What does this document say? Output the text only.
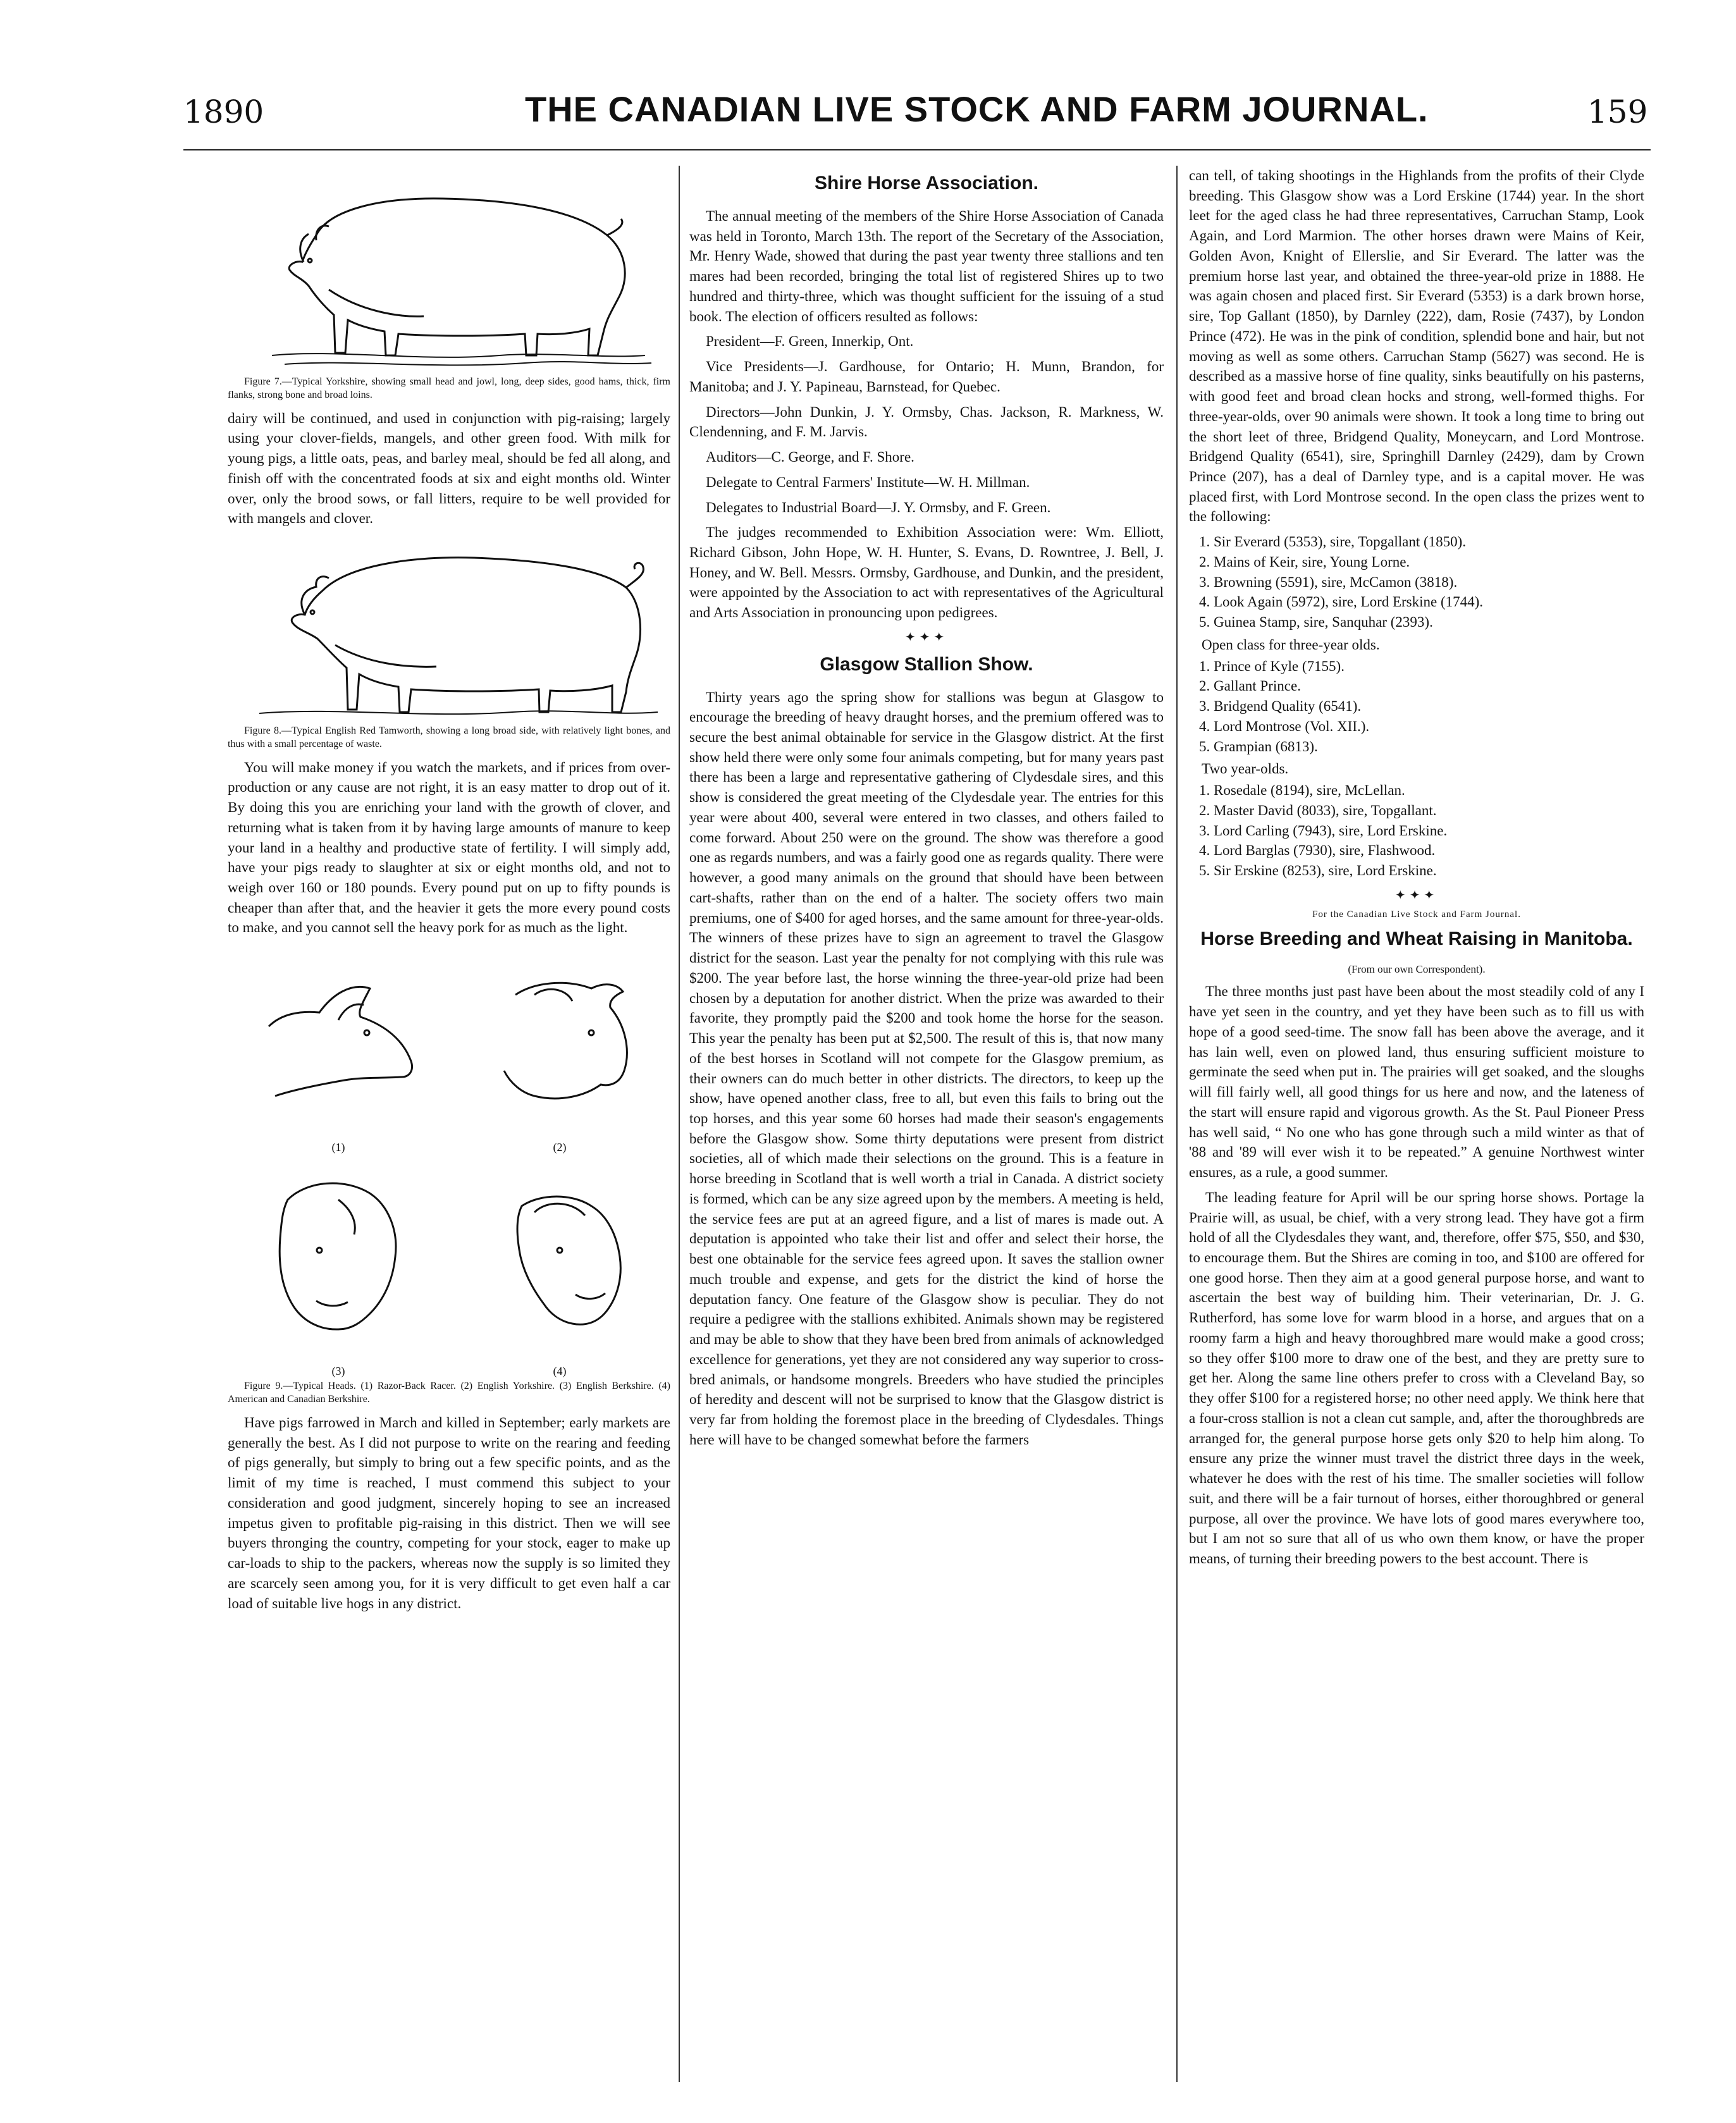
1890	THE CANADIAN LIVE STOCK AND FARM JOURNAL.	159

Figure 7.—Typical Yorkshire, showing small head and jowl, long, deep sides, good hams, thick, firm flanks, strong bone and broad loins.

dairy will be continued, and used in conjunction with pig-raising; largely using your clover-fields, mangels, and other green food. With milk for young pigs, a little oats, peas, and barley meal, should be fed all along, and finish off with the concentrated foods at six and eight months old. Winter over, only the brood sows, or fall litters, require to be well provided for with mangels and clover.

Figure 8.—Typical English Red Tamworth, showing a long broad side, with relatively light bones, and thus with a small percentage of waste.

You will make money if you watch the markets, and if prices from over-production or any cause are not right, it is an easy matter to drop out of it. By doing this you are enriching your land with the growth of clover, and returning what is taken from it by having large amounts of manure to keep your land in a healthy and productive state of fertility. I will simply add, have your pigs ready to slaughter at six or eight months old, and not to weigh over 160 or 180 pounds. Every pound put on up to fifty pounds is cheaper than after that, and the heavier it gets the more every pound costs to make, and you cannot sell the heavy pork for as much as the light.

(1)	(2)
(3)	(4)

Figure 9.—Typical Heads. (1) Razor-Back Racer. (2) English Yorkshire. (3) English Berkshire. (4) American and Canadian Berkshire.

Have pigs farrowed in March and killed in September; early markets are generally the best. As I did not purpose to write on the rearing and feeding of pigs generally, but simply to bring out a few specific points, and as the limit of my time is reached, I must commend this subject to your consideration and good judgment, sincerely hoping to see an increased impetus given to profitable pig-raising in this district. Then we will see buyers thronging the country, competing for your stock, eager to make up car-loads to ship to the packers, whereas now the supply is so limited they are scarcely seen among you, for it is very difficult to get even half a car load of suitable live hogs in any district.

Shire Horse Association.

The annual meeting of the members of the Shire Horse Association of Canada was held in Toronto, March 13th. The report of the Secretary of the Association, Mr. Henry Wade, showed that during the past year twenty three stallions and ten mares had been recorded, bringing the total list of registered Shires up to two hundred and thirty-three, which was thought sufficient for the issuing of a stud book. The election of officers resulted as follows:

President—F. Green, Innerkip, Ont.

Vice Presidents—J. Gardhouse, for Ontario; H. Munn, Brandon, for Manitoba; and J. Y. Papineau, Barnstead, for Quebec.

Directors—John Dunkin, J. Y. Ormsby, Chas. Jackson, R. Markness, W. Clendenning, and F. M. Jarvis.

Auditors—C. George, and F. Shore.

Delegate to Central Farmers' Institute—W. H. Millman.

Delegates to Industrial Board—J. Y. Ormsby, and F. Green.

The judges recommended to Exhibition Association were: Wm. Elliott, Richard Gibson, John Hope, W. H. Hunter, S. Evans, D. Rowntree, J. Bell, J. Honey, and W. Bell. Messrs. Ormsby, Gardhouse, and Dunkin, and the president, were appointed by the Association to act with representatives of the Agricultural and Arts Association in pronouncing upon pedigrees.

✦✦✦
Glasgow Stallion Show.

Thirty years ago the spring show for stallions was begun at Glasgow to encourage the breeding of heavy draught horses, and the premium offered was to secure the best animal obtainable for service in the Glasgow district. At the first show held there were only some four animals competing, but for many years past there has been a large and representative gathering of Clydesdale sires, and this show is considered the great meeting of the Clydesdale year. The entries for this year were about 400, several were entered in two classes, and others failed to come forward. About 250 were on the ground. The show was therefore a good one as regards numbers, and was a fairly good one as regards quality. There were however, a good many animals on the ground that should have been between cart-shafts, rather than on the end of a halter. The society offers two main premiums, one of $400 for aged horses, and the same amount for three-year-olds. The winners of these prizes have to sign an agreement to travel the Glasgow district for the season. Last year the penalty for not complying with this rule was $200. The year before last, the horse winning the three-year-old prize had been chosen by a deputation for another district. When the prize was awarded to their favorite, they promptly paid the $200 and took home the horse for the season. This year the penalty has been put at $2,500. The result of this is, that now many of the best horses in Scotland will not compete for the Glasgow premium, as their owners can do much better in other districts. The directors, to keep up the show, have opened another class, free to all, but even this fails to bring out the top horses, and this year some 60 horses had made their season's engagements before the Glasgow show. Some thirty deputations were present from district societies, all of which made their selections on the ground. This is a feature in horse breeding in Scotland that is well worth a trial in Canada. A district society is formed, which can be any size agreed upon by the members. A meeting is held, the service fees are put at an agreed figure, and a list of mares is made out. A deputation is appointed who take their list and offer and select their horse, the best one obtainable for the service fees agreed upon. It saves the stallion owner much trouble and expense, and gets for the district the kind of horse the deputation fancy. One feature of the Glasgow show is peculiar. They do not require a pedigree with the stallions exhibited. Animals shown may be registered and may be able to show that they have been bred from animals of acknowledged excellence for generations, yet they are not considered any way superior to cross-bred animals, or handsome mongrels. Breeders who have studied the principles of heredity and descent will not be surprised to know that the Glasgow district is very far from holding the foremost place in the breeding of Clydesdales. Things here will have to be changed somewhat before the farmers

can tell, of taking shootings in the Highlands from the profits of their Clyde breeding. This Glasgow show was a Lord Erskine (1744) year. In the short leet for the aged class he had three representatives, Carruchan Stamp, Look Again, and Lord Marmion. The other horses drawn were Mains of Keir, Golden Avon, Knight of Ellerslie, and Sir Everard. The latter was the premium horse last year, and obtained the three-year-old prize in 1888. He was again chosen and placed first. Sir Everard (5353) is a dark brown horse, sire, Top Gallant (1850), by Darnley (222), dam, Rosie (7437), by London Prince (472). He was in the pink of condition, splendid bone and hair, but not moving as well as some others. Carruchan Stamp (5627) was second. He is described as a massive horse of fine quality, sinks beautifully on his pasterns, with good feet and broad clean hocks and strong, well-formed thighs. For three-year-olds, over 90 animals were shown. It took a long time to bring out the short leet of three, Bridgend Quality, Moneycarn, and Lord Montrose. Bridgend Quality (6541), sire, Springhill Darnley (2429), dam by Crown Prince (207), has a deal of Darnley type, and is a capital mover. He was placed first, with Lord Montrose second. In the open class the prizes went to the following:

1. Sir Everard (5353), sire, Topgallant (1850).
2. Mains of Keir, sire, Young Lorne.
3. Browning (5591), sire, McCamon (3818).
4. Look Again (5972), sire, Lord Erskine (1744).
5. Guinea Stamp, sire, Sanquhar (2393).
Open class for three-year olds.
1. Prince of Kyle (7155).
2. Gallant Prince.
3. Bridgend Quality (6541).
4. Lord Montrose (Vol. XII.).
5. Grampian (6813).
Two year-olds.
1. Rosedale (8194), sire, McLellan.
2. Master David (8033), sire, Topgallant.
3. Lord Carling (7943), sire, Lord Erskine.
4. Lord Barglas (7930), sire, Flashwood.
5. Sir Erskine (8253), sire, Lord Erskine.
✦✦✦
For the Canadian Live Stock and Farm Journal.
Horse Breeding and Wheat Raising in Manitoba.
(From our own Correspondent).

The three months just past have been about the most steadily cold of any I have yet seen in the country, and yet they have been such as to fill us with hope of a good seed-time. The snow fall has been above the average, and it has lain well, even on plowed land, thus ensuring sufficient moisture to germinate the seed when put in. The prairies will get soaked, and the sloughs will fill fairly well, all good things for us here and now, and the lateness of the start will ensure rapid and vigorous growth. As the St. Paul Pioneer Press has well said, “ No one who has gone through such a mild winter as that of '88 and '89 will ever wish it to be repeated.” A genuine Northwest winter ensures, as a rule, a good summer.

The leading feature for April will be our spring horse shows. Portage la Prairie will, as usual, be chief, with a very strong lead. They have got a firm hold of all the Clydesdales they want, and, therefore, offer $75, $50, and $30, to encourage them. But the Shires are coming in too, and $100 are offered for one good horse. Then they aim at a good general purpose horse, and want to ascertain the best way of building him. Their veterinarian, Dr. J. G. Rutherford, has some love for warm blood in a horse, and argues that on a roomy farm a high and heavy thoroughbred mare would make a good cross; so they offer $100 more to draw one of the best, and they are pretty sure to get her. Along the same line others prefer to cross with a Cleveland Bay, so they offer $100 for a registered horse; no other need apply. We think here that a four-cross stallion is not a clean cut sample, and, after the thoroughbreds are arranged for, the general purpose horse gets only $20 to help him along. To ensure any prize the winner must travel the district three days in the week, whatever he does with the rest of his time. The smaller societies will follow suit, and there will be a fair turnout of horses, either thoroughbred or general purpose, all over the province. We have lots of good mares everywhere too, but I am not so sure that all of us who own them know, or have the proper means, of turning their breeding powers to the best account. There is
